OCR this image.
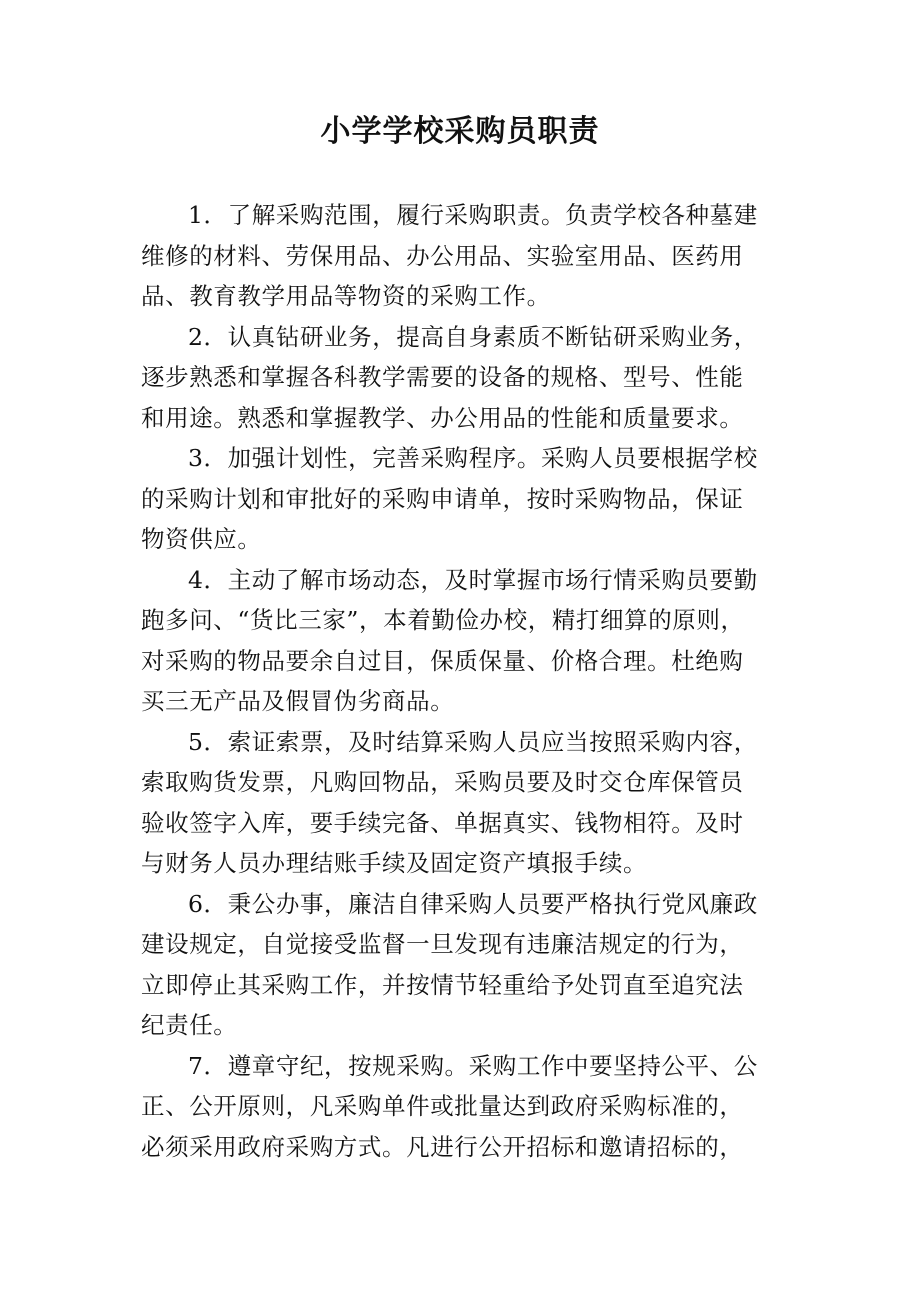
小学学校采购员职责
1．了解采购范围，履行采购职责。负责学校各种墓建
维修的材料、劳保用品、办公用品、实验室用品、医药用
品、教育教学用品等物资的采购工作。
2．认真钻研业务，提高自身素质不断钻研采购业务，
逐步熟悉和掌握各科教学需要的设备的规格、型号、性能
和用途。熟悉和掌握教学、办公用品的性能和质量要求。
3．加强计划性，完善采购程序。采购人员要根据学校
的采购计划和审批好的采购申请单，按时采购物品，保证
物资供应。
4．主动了解市场动态，及时掌握市场行情采购员要勤
跑多问、“货比三家”，本着勤俭办校，精打细算的原则，
对采购的物品要余自过目，保质保量、价格合理。杜绝购
买三无产品及假冒伪劣商品。
5．索证索票，及时结算采购人员应当按照采购内容，
索取购货发票，凡购回物品，采购员要及时交仓库保管员
验收签字入库，要手续完备、单据真实、钱物相符。及时
与财务人员办理结账手续及固定资产填报手续。
6．秉公办事，廉洁自律采购人员要严格执行党风廉政
建设规定，自觉接受监督一旦发现有违廉洁规定的行为，
立即停止其采购工作，并按情节轻重给予处罚直至追究法
纪责任。
7．遵章守纪，按规采购。采购工作中要坚持公平、公
正、公开原则，凡采购单件或批量达到政府采购标准的，
必须采用政府采购方式。凡进行公开招标和邀请招标的，
